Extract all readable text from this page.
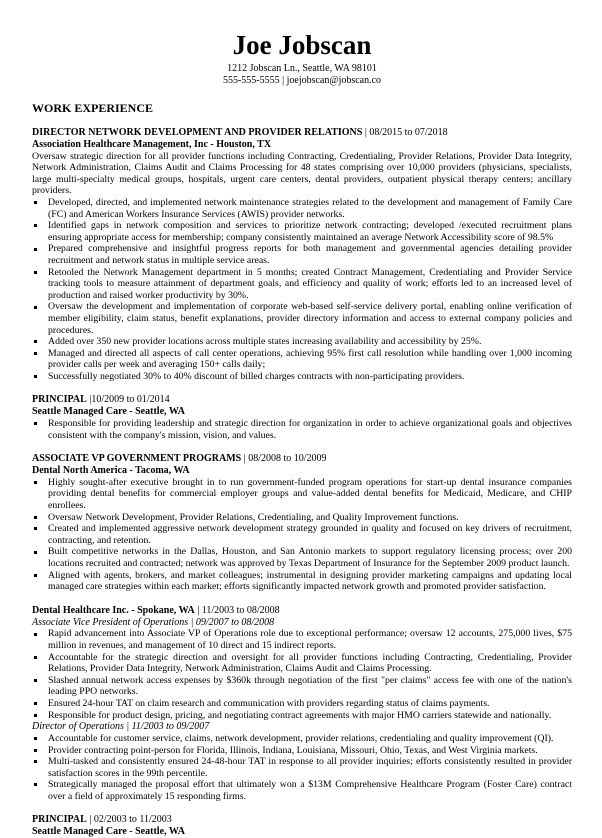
Joe Jobscan

1212 Jobscan Ln., Seattle, WA 98101

555-555-5555 | joejobscan@jobscan.co

WORK EXPERIENCE

DIRECTOR NETWORK DEVELOPMENT AND PROVIDER RELATIONS | 08/2015 to 07/2018

Association Healthcare Management, Inc - Houston, TX

Oversaw strategic direction for all provider functions including Contracting, Credentialing, Provider Relations, Provider Data Integrity, Network Administration, Claims Audit and Claims Processing for 48 states comprising over 10,000 providers (physicians, specialists, large multi-specialty medical groups, hospitals, urgent care centers, dental providers, outpatient physical therapy centers; ancillary providers.

Developed, directed, and implemented network maintenance strategies related to the development and management of Family Care (FC) and American Workers Insurance Services (AWIS) provider networks.
Identified gaps in network composition and services to prioritize network contracting; developed /executed recruitment plans ensuring appropriate access for membership; company consistently maintained an average Network Accessibility score of 98.5%
Prepared comprehensive and insightful progress reports for both management and governmental agencies detailing provider recruitment and network status in multiple service areas.
Retooled the Network Management department in 5 months; created Contract Management, Credentialing and Provider Service tracking tools to measure attainment of department goals, and efficiency and quality of work; efforts led to an increased level of production and raised worker productivity by 30%.
Oversaw the development and implementation of corporate web-based self-service delivery portal, enabling online verification of member eligibility, claim status, benefit explanations, provider directory information and access to external company policies and procedures.
Added over 350 new provider locations across multiple states increasing availability and accessibility by 25%.
Managed and directed all aspects of call center operations, achieving 95% first call resolution while handling over 1,000 incoming provider calls per week and averaging 150+ calls daily;
Successfully negotiated 30% to 40% discount of billed charges contracts with non-participating providers.

PRINCIPAL |10/2009 to 01/2014

Seattle Managed Care - Seattle, WA

Responsible for providing leadership and strategic direction for organization in order to achieve organizational goals and objectives consistent with the company's mission, vision, and values.

ASSOCIATE VP GOVERNMENT PROGRAMS | 08/2008 to 10/2009

Dental North America - Tacoma, WA

Highly sought-after executive brought in to run government-funded program operations for start-up dental insurance companies providing dental benefits for commercial employer groups and value-added dental benefits for Medicaid, Medicare, and CHIP enrollees.
Oversaw Network Development, Provider Relations, Credentialing, and Quality Improvement functions.
Created and implemented aggressive network development strategy grounded in quality and focused on key drivers of recruitment, contracting, and retention.
Built competitive networks in the Dallas, Houston, and San Antonio markets to support regulatory licensing process; over 200 locations recruited and contracted; network was approved by Texas Department of Insurance for the September 2009 product launch.
Aligned with agents, brokers, and market colleagues; instrumental in designing provider marketing campaigns and updating local managed care strategies within each market; efforts significantly impacted network growth and promoted provider satisfaction.

Dental Healthcare Inc. - Spokane, WA | 11/2003 to 08/2008

Associate Vice President of Operations | 09/2007 to 08/2008

Rapid advancement into Associate VP of Operations role due to exceptional performance; oversaw 12 accounts, 275,000 lives, $75 million in revenues, and management of 10 direct and 15 indirect reports.
Accountable for the strategic direction and oversight for all provider functions including Contracting, Credentialing, Provider Relations, Provider Data Integrity, Network Administration, Claims Audit and Claims Processing.
Slashed annual network access expenses by $360k through negotiation of the first "per claims" access fee with one of the nation's leading PPO networks.
Ensured 24-hour TAT on claim research and communication with providers regarding status of claims payments.
Responsible for product design, pricing, and negotiating contract agreements with major HMO carriers statewide and nationally.

Director of Operations | 11/2003 to 09/2007

Accountable for customer service, claims, network development, provider relations, credentialing and quality improvement (QI).
Provider contracting point-person for Florida, Illinois, Indiana, Louisiana, Missouri, Ohio, Texas, and West Virginia markets.
Multi-tasked and consistently ensured 24-48-hour TAT in response to all provider inquiries; efforts consistently resulted in provider satisfaction scores in the 99th percentile.
Strategically managed the proposal effort that ultimately won a $13M Comprehensive Healthcare Program (Foster Care) contract over a field of approximately 15 responding firms.

PRINCIPAL | 02/2003 to 11/2003

Seattle Managed Care - Seattle, WA
